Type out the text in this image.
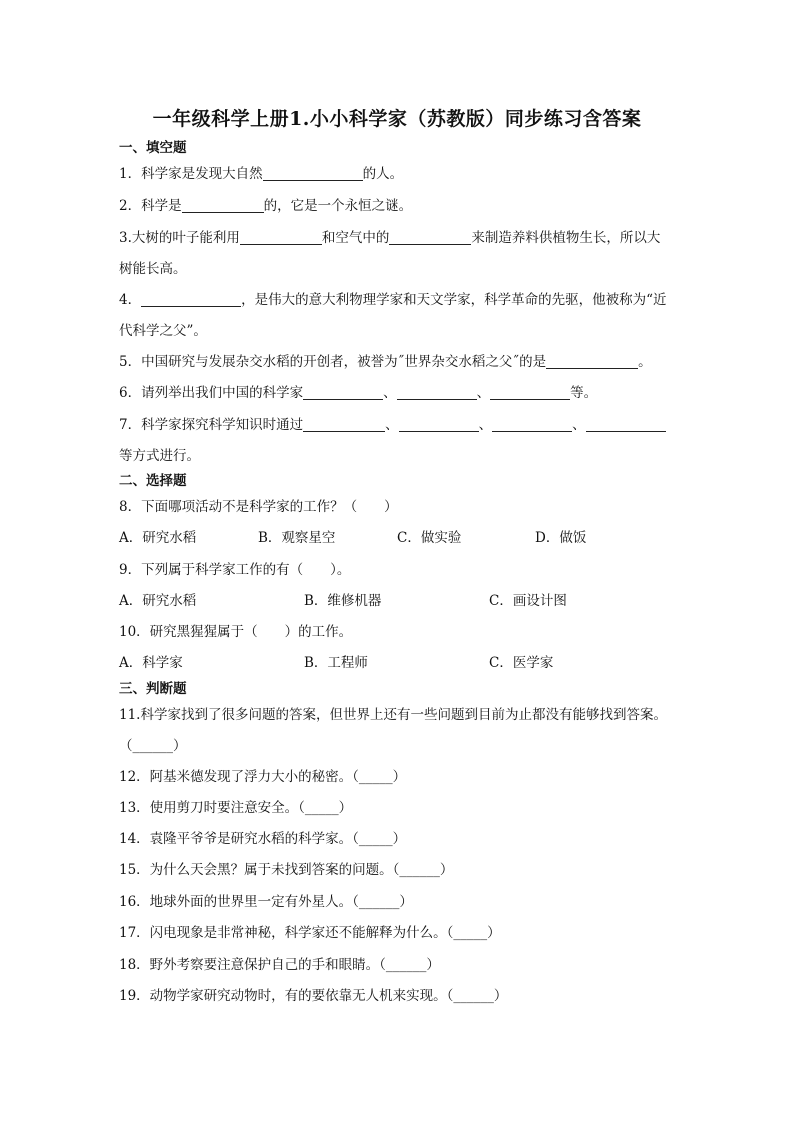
一年级科学上册1.小小科学家（苏教版）同步练习含答案
一、填空题
1．科学家是发现大自然	的人。
2．科学是	的，它是一个永恒之谜。
3.大树的叶子能利用	和空气中的	来制造养料供植物生长，所以大
树能长高。
4．	，是伟大的意大利物理学家和天文学家，科学革命的先驱，他被称为“近
代科学之父”。
5．中国研究与发展杂交水稻的开创者，被誉为˝世界杂交水稻之父˝的是	。
6．请列举出我们中国的科学家	、	、	等。
7．科学家探究科学知识时通过	、	、	、
等方式进行。
二、选择题
8．下面哪项活动不是科学家的工作？（　　）
A．研究水稻	B．观察星空	C．做实验	D．做饭
9．下列属于科学家工作的有（　　）。
A．研究水稻	B．维修机器	C．画设计图
10．研究黑猩猩属于（　　）的工作。
A．科学家	B．工程师	C．医学家
三、判断题
11.科学家找到了很多问题的答案，但世界上还有一些问题到目前为止都没有能够找到答案。
（______）
12．阿基米德发现了浮力大小的秘密。（_____）
13．使用剪刀时要注意安全。（_____）
14．袁隆平爷爷是研究水稻的科学家。（_____）
15．为什么天会黑？属于未找到答案的问题。（______）
16．地球外面的世界里一定有外星人。（______）
17．闪电现象是非常神秘，科学家还不能解释为什么。（_____）
18．野外考察要注意保护自己的手和眼睛。（______）
19．动物学家研究动物时，有的要依靠无人机来实现。（______）
